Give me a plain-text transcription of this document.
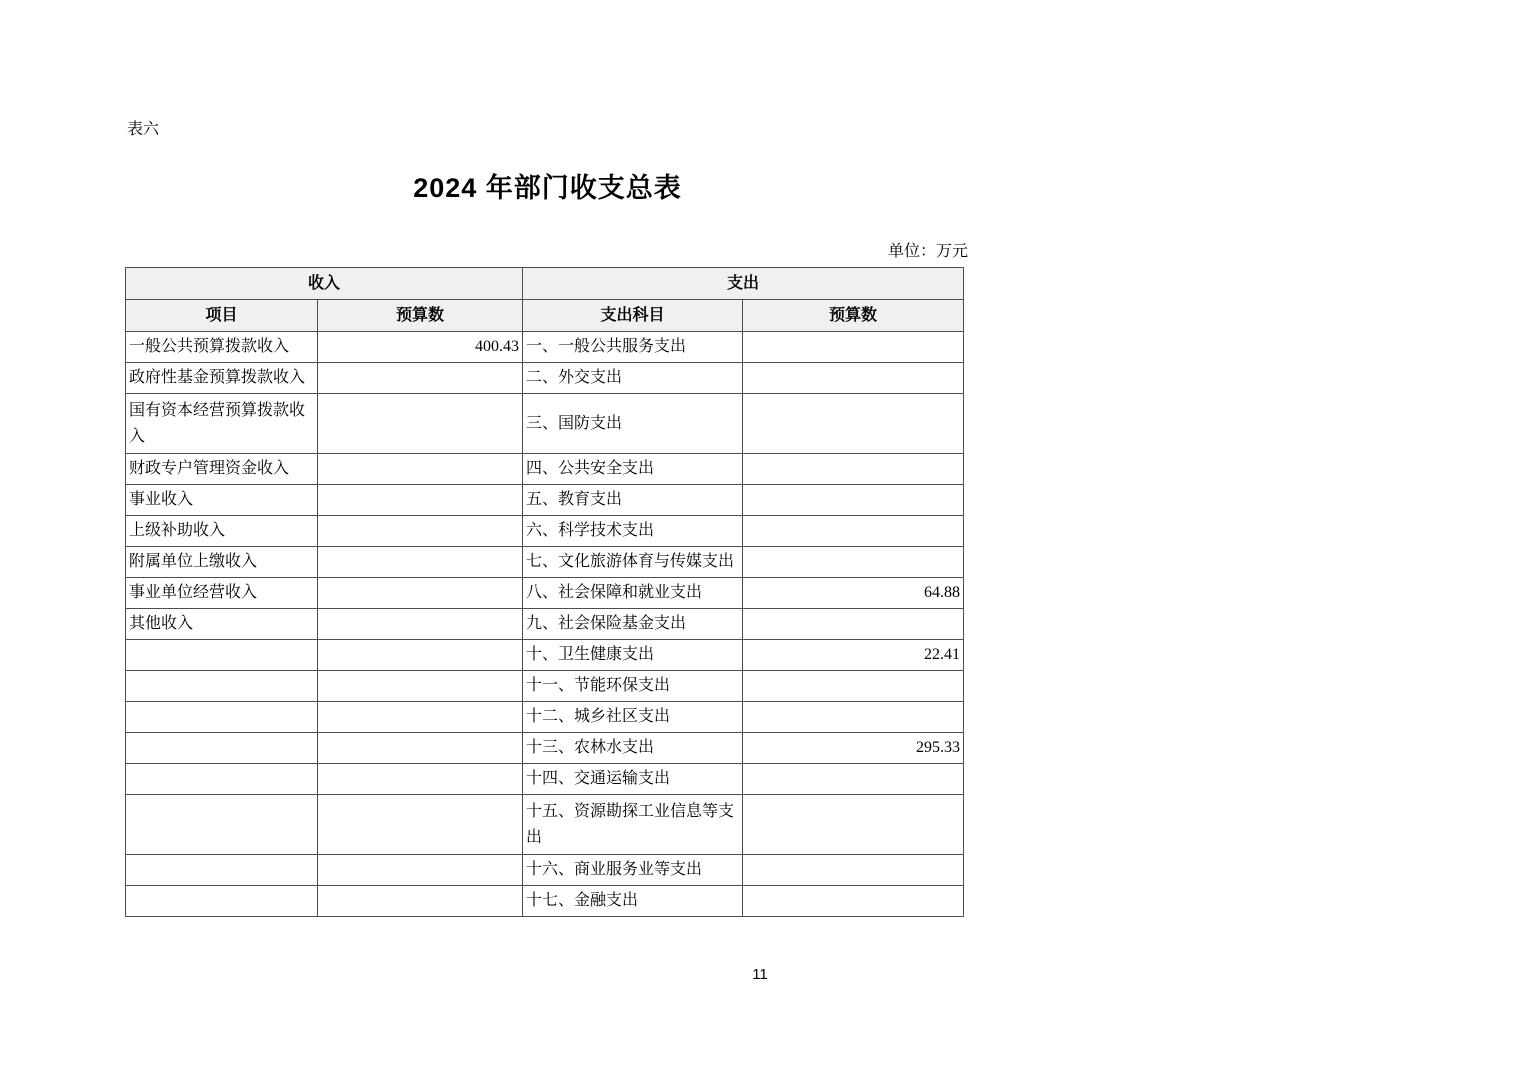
表六
2024 年部门收支总表
单位：万元
收入		支出	
项目	预算数	支出科目	预算数
一般公共预算拨款收入	400.43	一、一般公共服务支出	
政府性基金预算拨款收入		二、外交支出	
国有资本经营预算拨款收入		三、国防支出	
财政专户管理资金收入		四、公共安全支出	
事业收入		五、教育支出	
上级补助收入		六、科学技术支出	
附属单位上缴收入		七、文化旅游体育与传媒支出	
事业单位经营收入		八、社会保障和就业支出	64.88
其他收入		九、社会保险基金支出	
		十、卫生健康支出	22.41
		十一、节能环保支出	
		十二、城乡社区支出	
		十三、农林水支出	295.33
		十四、交通运输支出	
		十五、资源勘探工业信息等支出	
		十六、商业服务业等支出	
		十七、金融支出	
11
